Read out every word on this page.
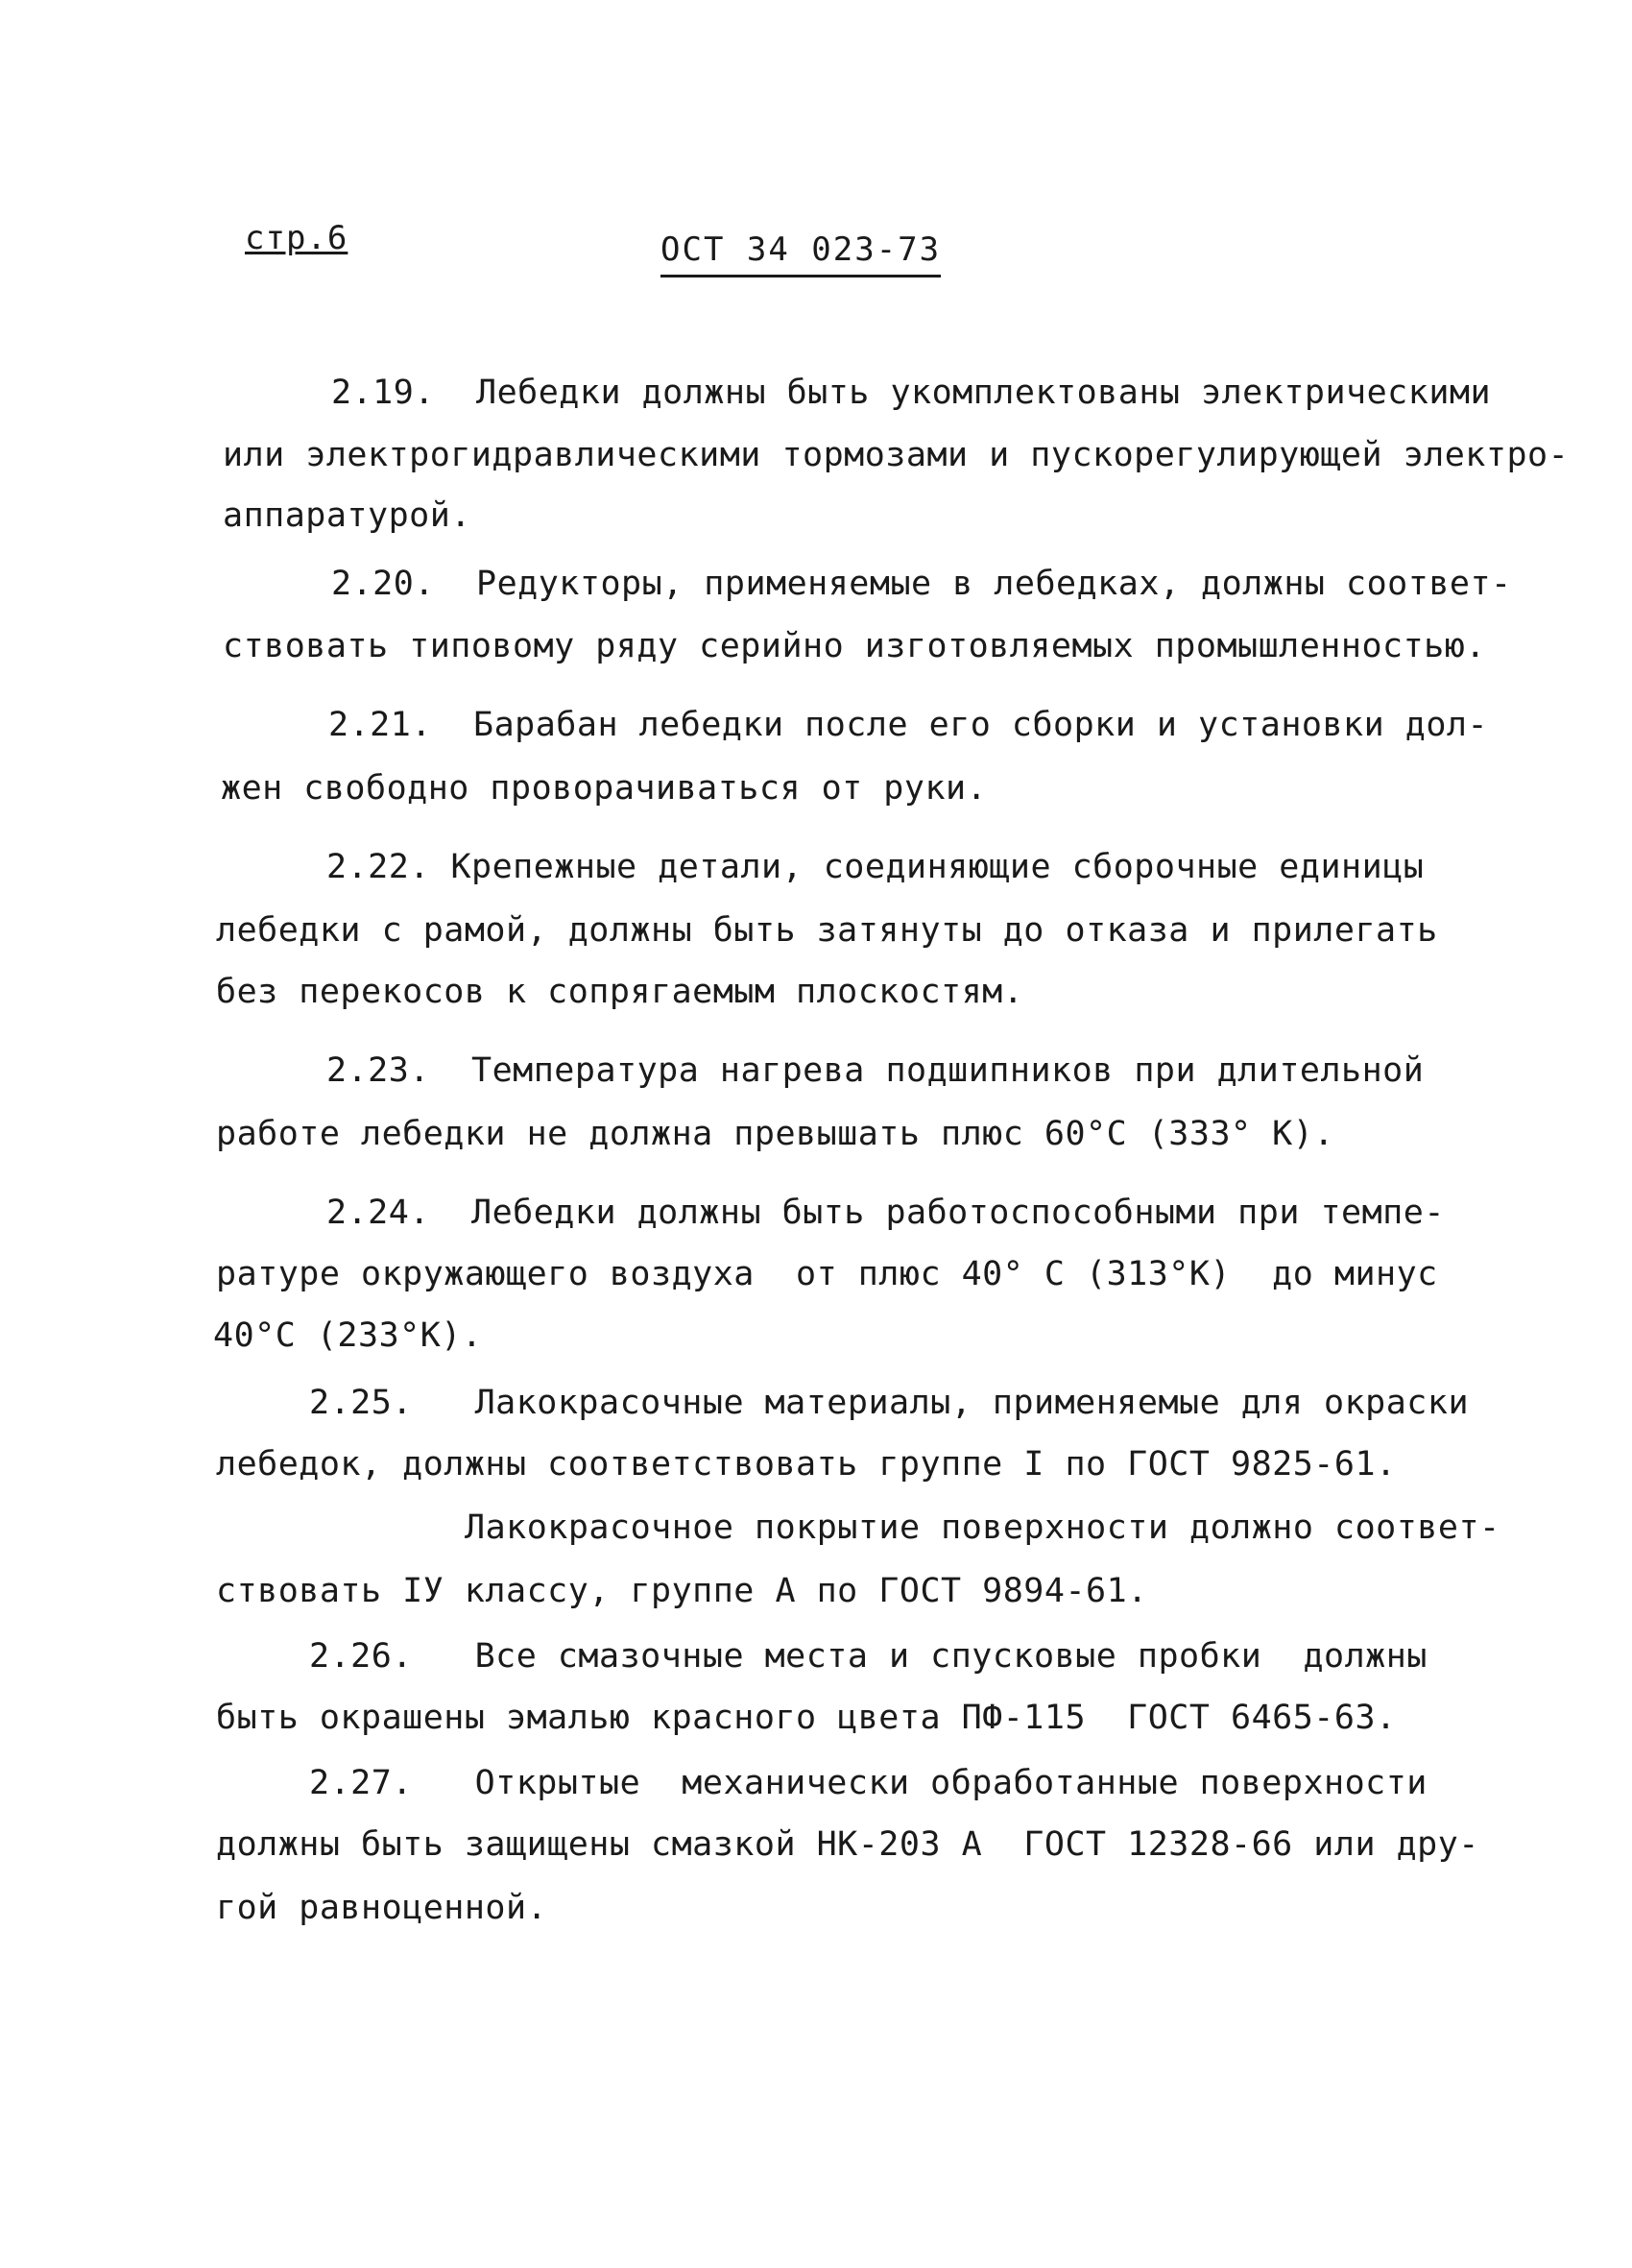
стр.6	ОСТ 34 023-73
2.19. Лебедки должны быть укомплектованы электрическими
или электрогидравлическими тормозами и пускорегулирующей электро-
аппаратурой.
2.20. Редукторы, применяемые в лебедках, должны соответ-
ствовать типовому ряду серийно изготовляемых промышленностью.
2.21. Барабан лебедки после его сборки и установки дол-
жен свободно проворачиваться от руки.
2.22. Крепежные детали, соединяющие сборочные единицы
лебедки с рамой, должны быть затянуты до отказа и прилегать
без перекосов к сопрягаемым плоскостям.
2.23. Температура нагрева подшипников при длительной
работе лебедки не должна превышать плюс 60°С (333° К).
2.24. Лебедки должны быть работоспособными при темпе-
ратуре окружающего воздуха  от плюс 40° С (313°К)  до минус
40°С (233°К).
2.25. Лакокрасочные материалы, применяемые для окраски
лебедок, должны соответствовать группе I по ГОСТ 9825-61.
Лакокрасочное покрытие поверхности должно соответ-
ствовать IУ классу, группе А по ГОСТ 9894-61.
2.26. Все смазочные места и спусковые пробки  должны
быть окрашены эмалью красного цвета ПФ-115  ГОСТ 6465-63.
2.27. Открытые  механически обработанные поверхности
должны быть защищены смазкой НК-203 А  ГОСТ 12328-66 или дру-
гой равноценной.
